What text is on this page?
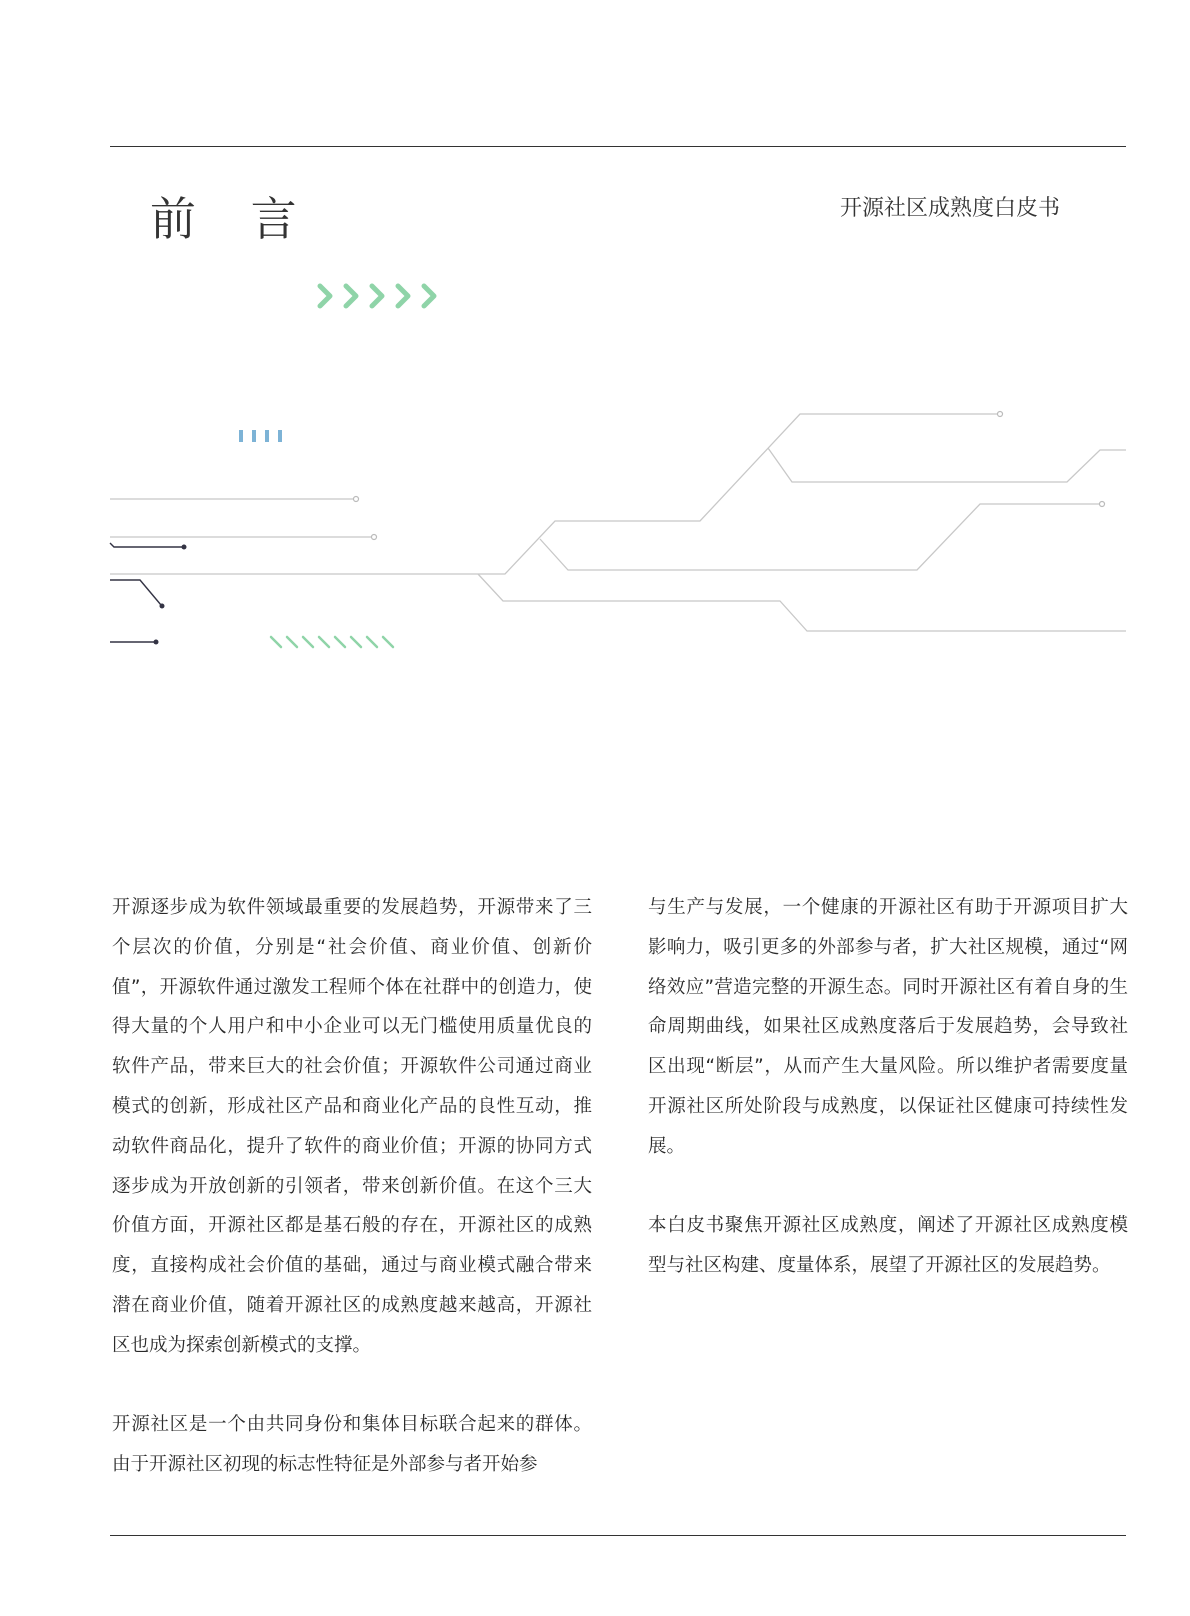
前 言	开源社区成熟度白皮书

开源逐步成为软件领域最重要的发展趋势，开源带来了三个层次的价值，分别是“社会价值、商业价值、创新价值”，开源软件通过激发工程师个体在社群中的创造力，使得大量的个人用户和中小企业可以无门槛使用质量优良的软件产品，带来巨大的社会价值；开源软件公司通过商业模式的创新，形成社区产品和商业化产品的良性互动，推动软件商品化，提升了软件的商业价值；开源的协同方式逐步成为开放创新的引领者，带来创新价值。在这个三大价值方面，开源社区都是基石般的存在，开源社区的成熟度，直接构成社会价值的基础，通过与商业模式融合带来潜在商业价值，随着开源社区的成熟度越来越高，开源社区也成为探索创新模式的支撑。

开源社区是一个由共同身份和集体目标联合起来的群体。由于开源社区初现的标志性特征是外部参与者开始参

与生产与发展，一个健康的开源社区有助于开源项目扩大影响力，吸引更多的外部参与者，扩大社区规模，通过“网络效应”营造完整的开源生态。同时开源社区有着自身的生命周期曲线，如果社区成熟度落后于发展趋势，会导致社区出现“断层”，从而产生大量风险。所以维护者需要度量开源社区所处阶段与成熟度，以保证社区健康可持续性发展。

本白皮书聚焦开源社区成熟度，阐述了开源社区成熟度模型与社区构建、度量体系，展望了开源社区的发展趋势。
